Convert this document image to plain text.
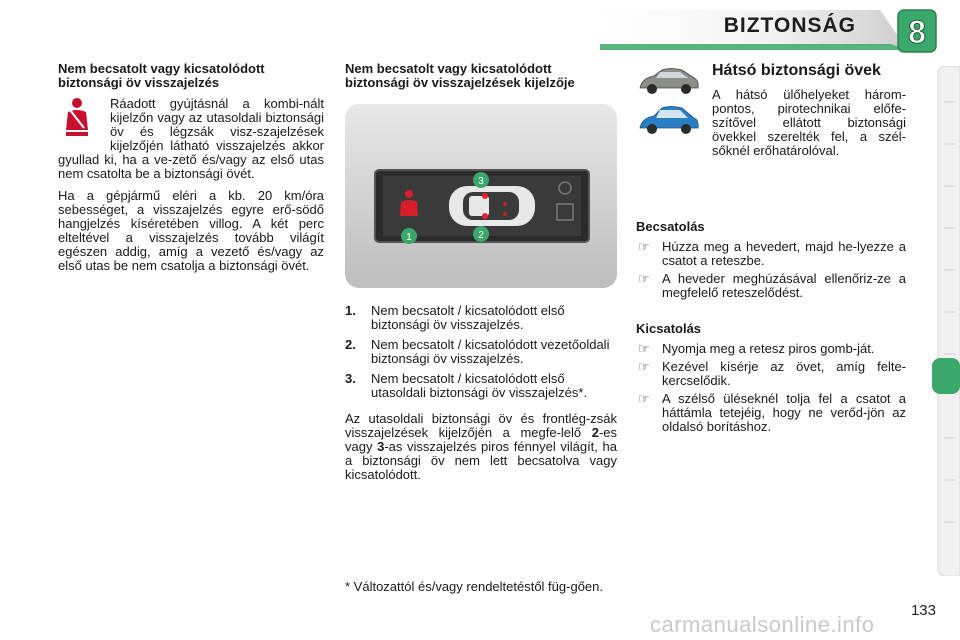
BIZTONSÁG 8

Nem becsatolt vagy kicsatolódott biztonsági öv visszajelzés

Ráadott gyújtásnál a kombi-nált kijelzőn vagy az utasoldali biztonsági öv és légzsák visz-szajelzések kijelzőjén látható visszajelzés akkor gyullad ki, ha a ve-zető és/vagy az első utas nem csatolta be a biztonsági övét.

Ha a gépjármű eléri a kb. 20 km/óra sebességet, a visszajelzés egyre erő-södő hangjelzés kíséretében villog. A két perc elteltével a visszajelzés tovább világít egészen addig, amíg a vezető és/vagy az első utas be nem csatolja a biztonsági övét.

Nem becsatolt vagy kicsatolódott biztonsági öv visszajelzések kijelzője

1	2
3
1. Nem becsatolt / kicsatolódott első biztonsági öv visszajelzés.
2. Nem becsatolt / kicsatolódott vezetőoldali biztonsági öv visszajelzés.
3. Nem becsatolt / kicsatolódott első utasoldali biztonsági öv visszajelzés*.

Az utasoldali biztonsági öv és frontlég-zsák visszajelzések kijelzőjén a megfe-lelő 2-es vagy 3-as visszajelzés piros fénnyel világít, ha a biztonsági öv nem lett becsatolva vagy kicsatolódott.

* Változattól és/vagy rendeltetéstől füg-gően.

Hátsó biztonsági övek

A hátsó ülőhelyeket három-pontos, pirotechnikai előfe-szítővel ellátott biztonsági övekkel szerelték fel, a szél-sőknél erőhatárolóval.

Becsatolás

☞ Húzza meg a hevedert, majd he-lyezze a csatot a reteszbe.
☞ A heveder meghúzásával ellenőriz-ze a megfelelő reteszelődést.

Kicsatolás

☞ Nyomja meg a retesz piros gomb-ját.
☞ Kezével kísérje az övet, amíg felte-kercselődik.
☞ A szélső üléseknél tolja fel a csatot a háttámla tetejéig, hogy ne verőd-jön az oldalsó borításhoz.
carmanualsonline.info
133
